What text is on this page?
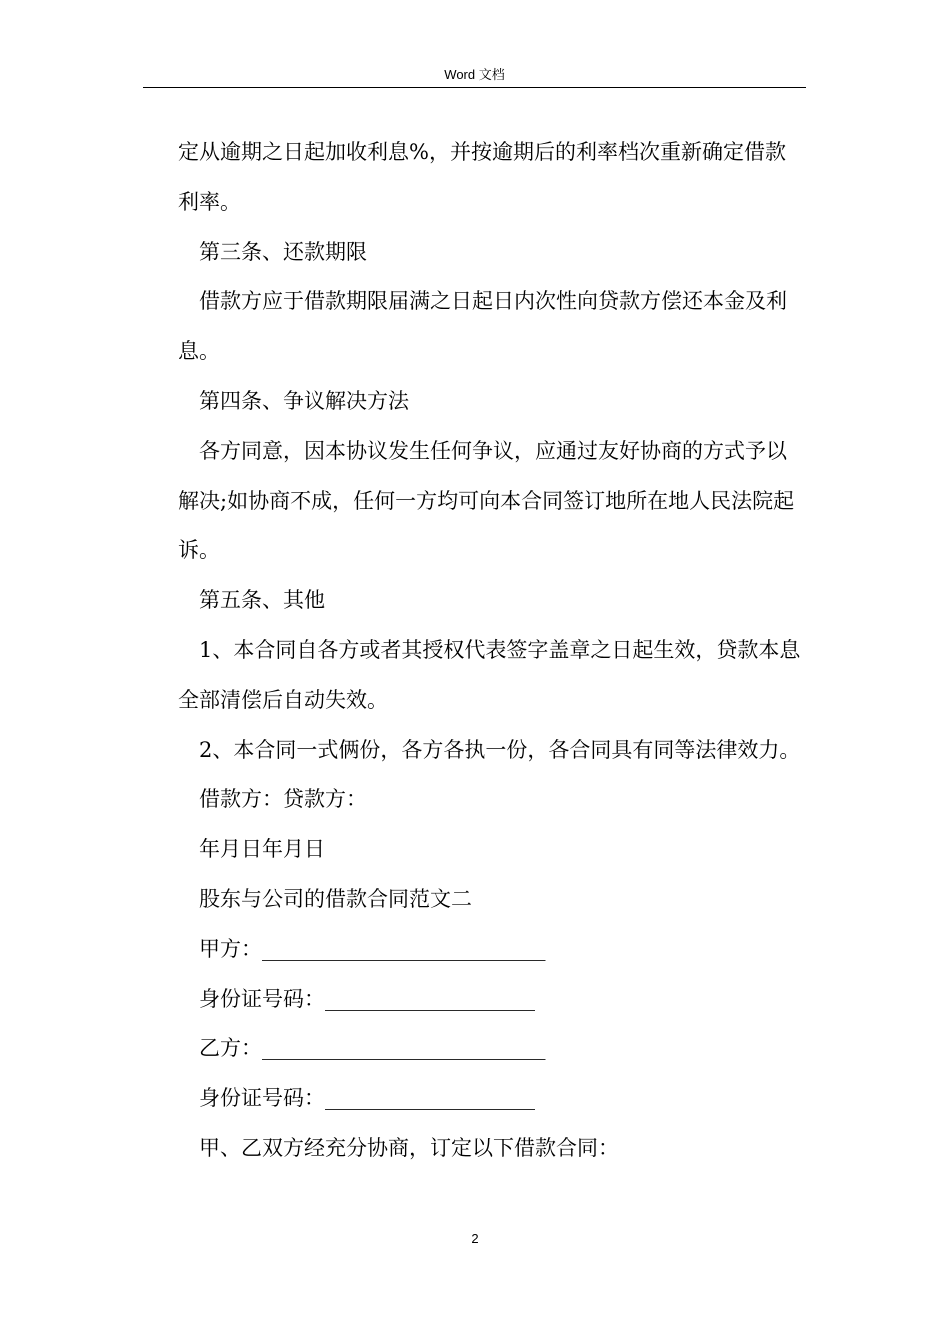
Word 文档

定从逾期之日起加收利息%，并按逾期后的利率档次重新确定借款利率。

第三条、还款期限

借款方应于借款期限届满之日起日内次性向贷款方偿还本金及利息。

第四条、争议解决方法

各方同意，因本协议发生任何争议，应通过友好协商的方式予以解决;如协商不成，任何一方均可向本合同签订地所在地人民法院起诉。

第五条、其他

1、本合同自各方或者其授权代表签字盖章之日起生效，贷款本息全部清偿后自动失效。

2、本合同一式俩份，各方各执一份，各合同具有同等法律效力。

借款方：贷款方：

年月日年月日

股东与公司的借款合同范文二

甲方：___________________________

身份证号码：____________________

乙方：___________________________

身份证号码：____________________

甲、乙双方经充分协商，订定以下借款合同：

2
